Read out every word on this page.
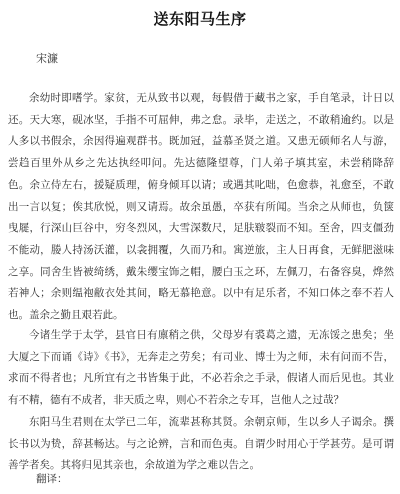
送东阳马生序
宋濂
余幼时即嗜学。家贫，无从致书以观，每假借于藏书之家，手自笔录，计日以还。天大寒，砚冰坚，手指不可屈伸，弗之怠。录毕，走送之，不敢稍逾约。以是人多以书假余，余因得遍观群书。既加冠，益慕圣贤之道。又患无硕师名人与游，尝趋百里外从乡之先达执经叩问。先达德隆望尊，门人弟子填其室，未尝稍降辞色。余立侍左右，援疑质理，俯身倾耳以请；或遇其叱咄，色愈恭，礼愈至，不敢出一言以复；俟其欣悦，则又请焉。故余虽愚，卒获有所闻。当余之从师也，负箧曳屣，行深山巨谷中，穷冬烈风，大雪深数尺，足肤皲裂而不知。至舍，四支僵劲不能动，媵人持汤沃灌，以衾拥覆，久而乃和。寓逆旅，主人日再食，无鲜肥滋味之享。同舍生皆被绮绣，戴朱缨宝饰之帽，腰白玉之环，左佩刀，右备容臭，烨然若神人；余则缊袍敝衣处其间，略无慕艳意。以中有足乐者，不知口体之奉不若人也。盖余之勤且艰若此。
今诸生学于太学，县官日有廪稍之供，父母岁有裘葛之遗，无冻馁之患矣；坐大厦之下而诵《诗》《书》，无奔走之劳矣；有司业、博士为之师，未有问而不告，求而不得者也；凡所宜有之书皆集于此，不必若余之手录，假诸人而后见也。其业有不精，德有不成者，非天质之卑，则心不若余之专耳，岂他人之过哉？
东阳马生君则在太学已二年，流辈甚称其贤。余朝京师，生以乡人子谒余。撰长书以为贽，辞甚畅达。与之论辨，言和而色夷。自谓少时用心于学甚劳。是可谓善学者矣。其将归见其亲也，余故道为学之难以告之。
翻译：
